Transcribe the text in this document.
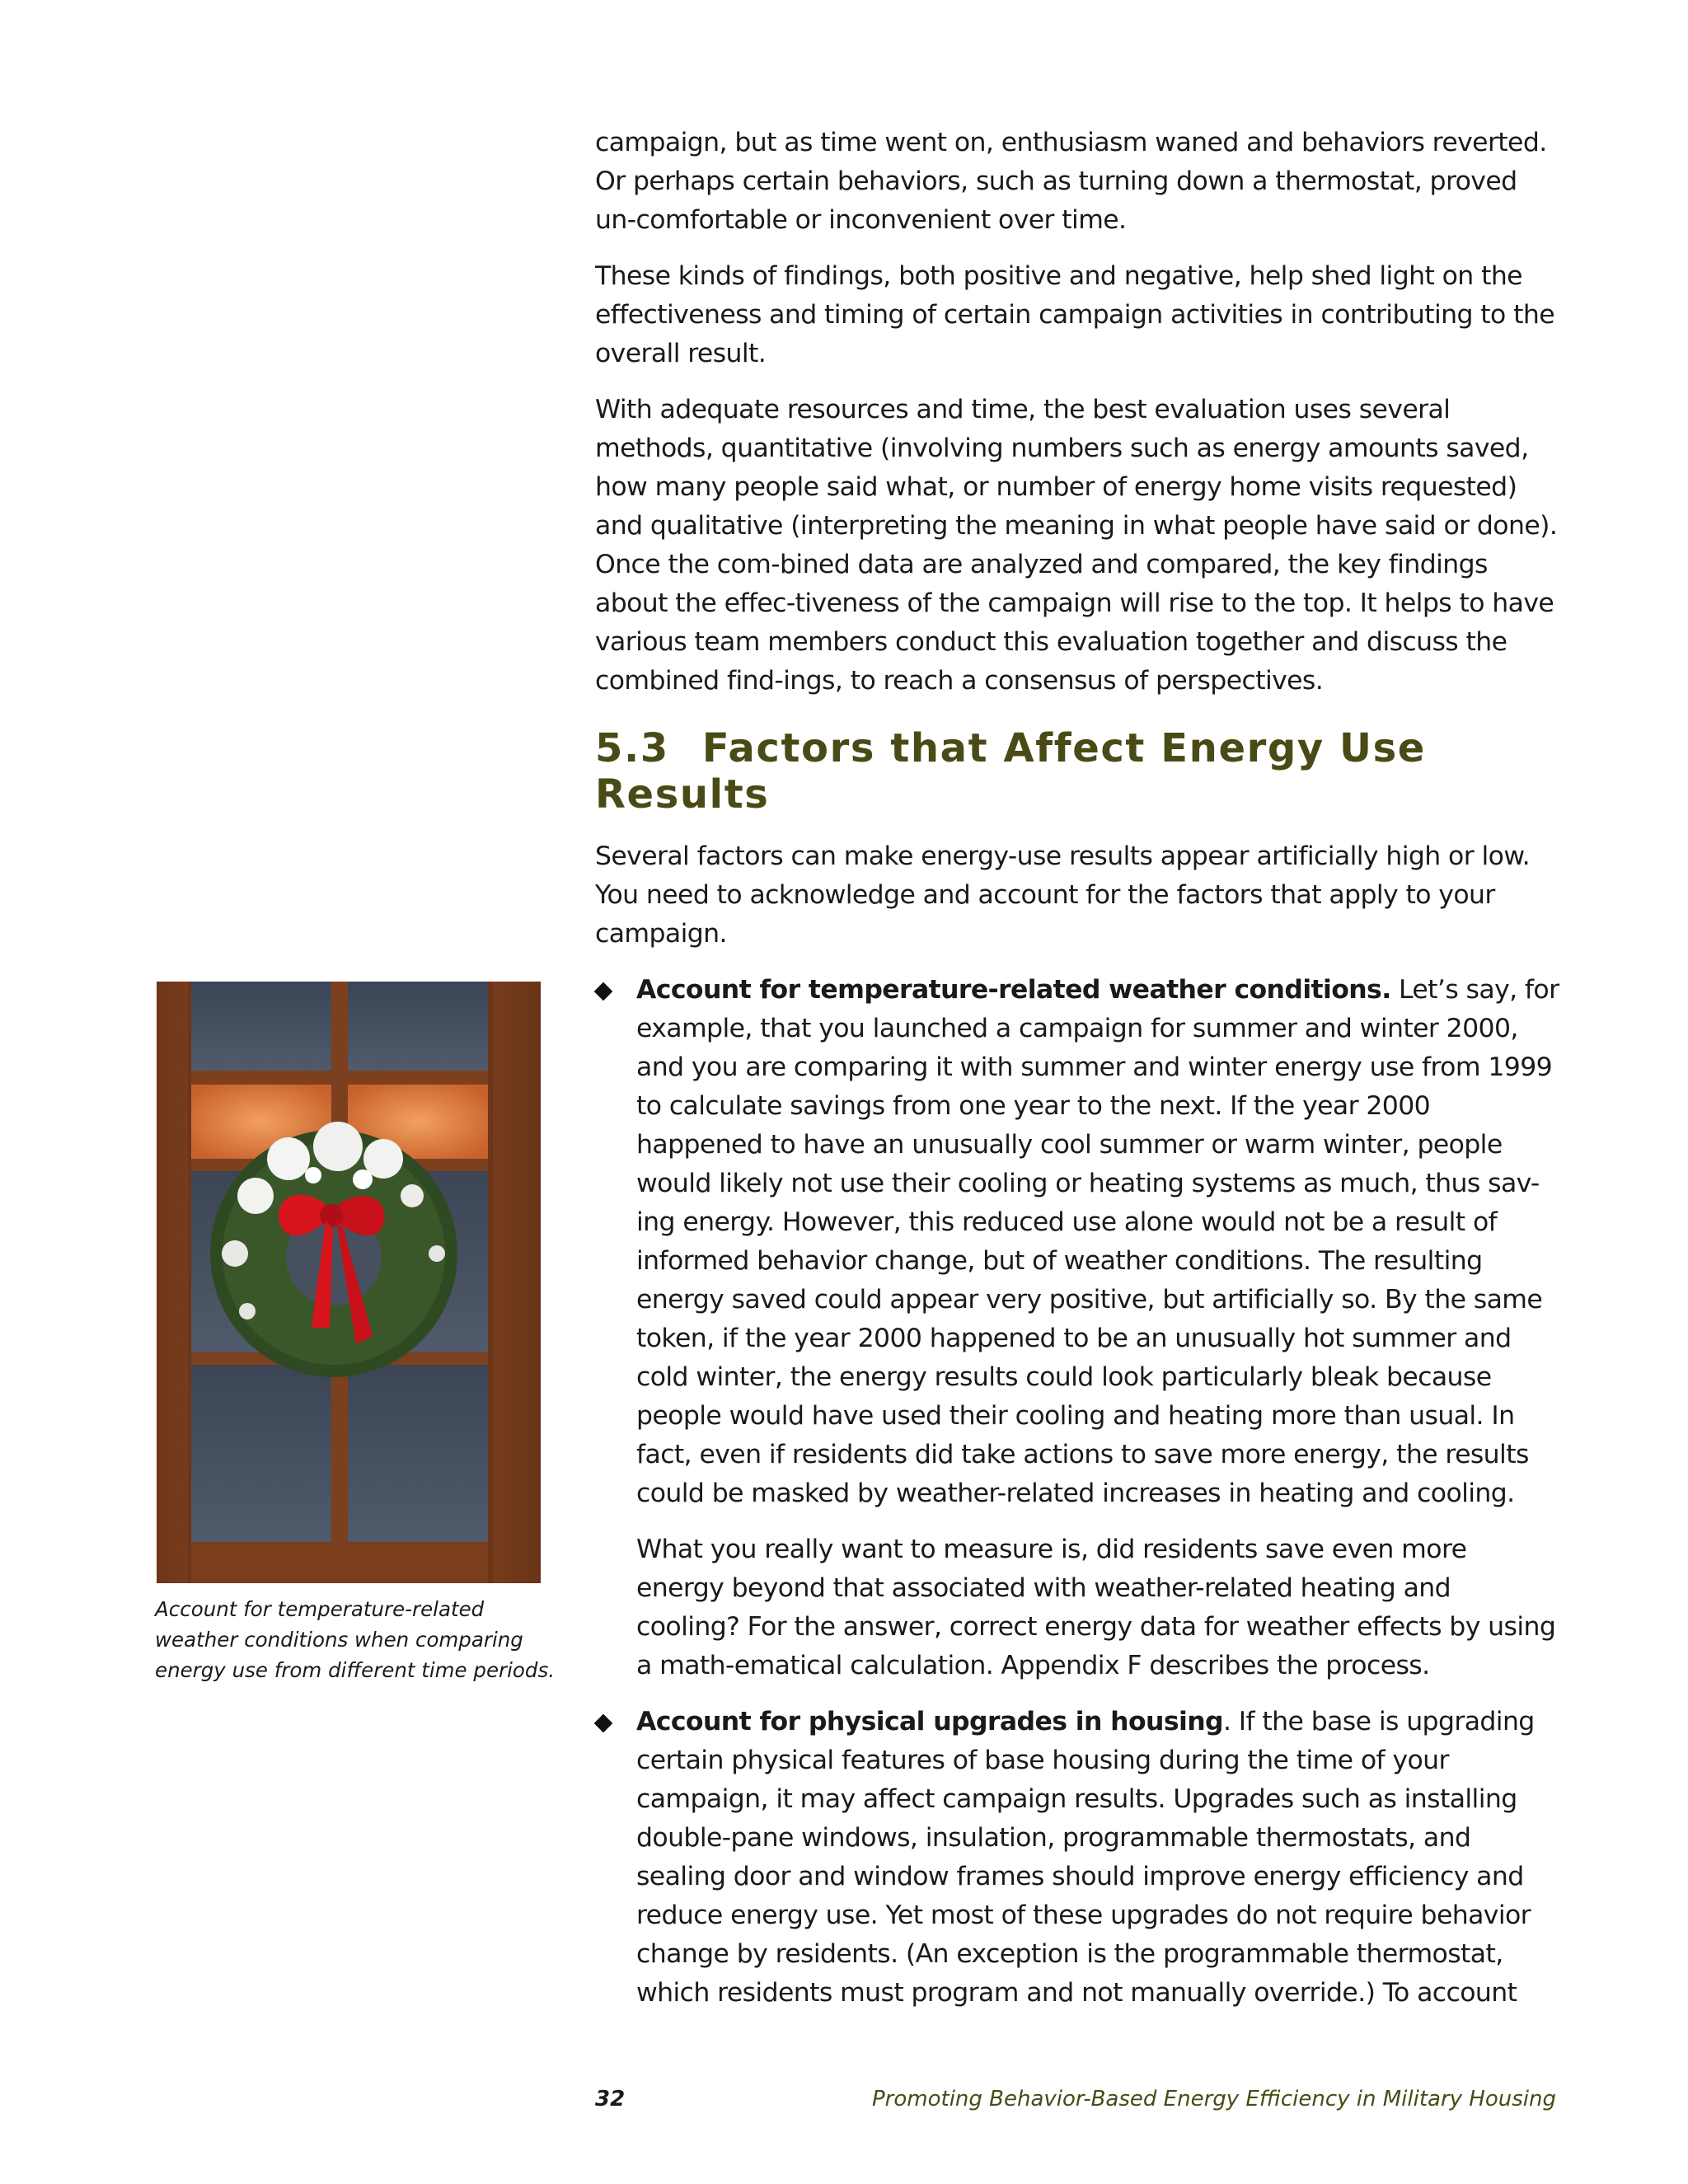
campaign, but as time went on, enthusiasm waned and behaviors reverted. Or perhaps certain behaviors, such as turning down a thermostat, proved un-comfortable or inconvenient over time.

These kinds of findings, both positive and negative, help shed light on the effectiveness and timing of certain campaign activities in contributing to the overall result.

With adequate resources and time, the best evaluation uses several methods, quantitative (involving numbers such as energy amounts saved, how many people said what, or number of energy home visits requested) and qualitative (interpreting the meaning in what people have said or done). Once the com-bined data are analyzed and compared, the key findings about the effec-tiveness of the campaign will rise to the top. It helps to have various team members conduct this evaluation together and discuss the combined find-ings, to reach a consensus of perspectives.

5.3 Factors that Affect Energy Use Results

Several factors can make energy-use results appear artificially high or low. You need to acknowledge and account for the factors that apply to your campaign.

Account for temperature-related weather conditions. Let’s say, for example, that you launched a campaign for summer and winter 2000, and you are comparing it with summer and winter energy use from 1999 to calculate savings from one year to the next. If the year 2000 happened to have an unusually cool summer or warm winter, people would likely not use their cooling or heating systems as much, thus sav-ing energy. However, this reduced use alone would not be a result of informed behavior change, but of weather conditions. The resulting energy saved could appear very positive, but artificially so. By the same token, if the year 2000 happened to be an unusually hot summer and cold winter, the energy results could look particularly bleak because people would have used their cooling and heating more than usual. In fact, even if residents did take actions to save more energy, the results could be masked by weather-related increases in heating and cooling.

What you really want to measure is, did residents save even more energy beyond that associated with weather-related heating and cooling? For the answer, correct energy data for weather effects by using a math-ematical calculation. Appendix F describes the process.

Account for physical upgrades in housing. If the base is upgrading certain physical features of base housing during the time of your campaign, it may affect campaign results. Upgrades such as installing double-pane windows, insulation, programmable thermostats, and sealing door and window frames should improve energy efficiency and reduce energy use. Yet most of these upgrades do not require behavior change by residents. (An exception is the programmable thermostat, which residents must program and not manually override.) To account
Account for temperature-related weather conditions when comparing energy use from different time periods.
32	Promoting Behavior-Based Energy Efficiency in Military Housing
